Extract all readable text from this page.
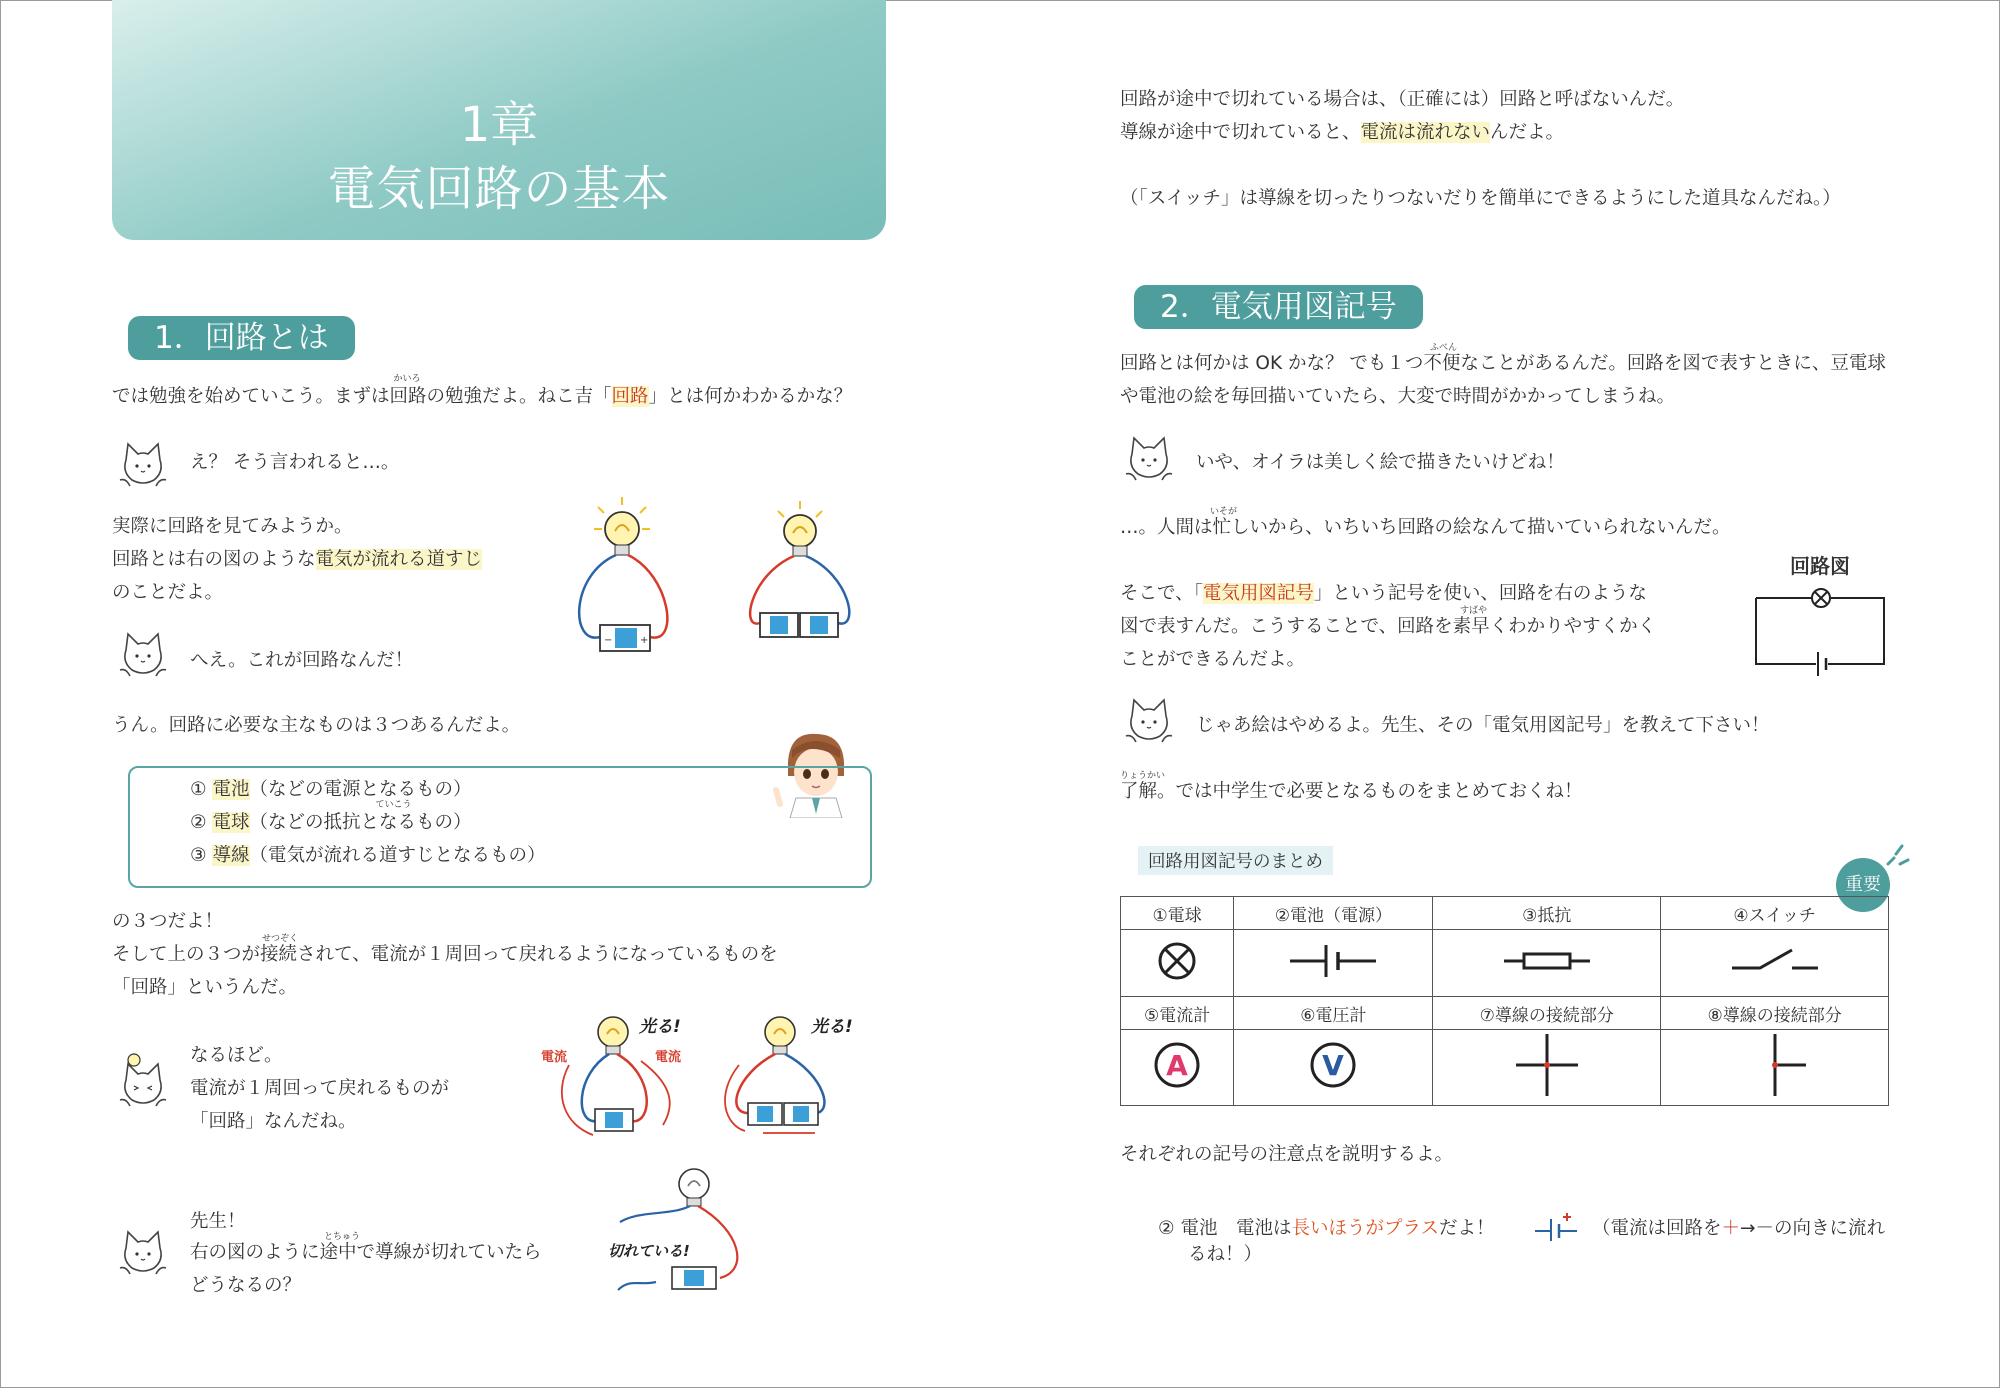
1章
電気回路の基本
1．回路とは
では勉強を始めていこう。まずは
かいろ
回路の勉強だよ。ねこ吉「回路」とは何かわかるかな？
え？ そう言われると…。
実際に回路を見てみようか。
回路とは右の図のような電気が流れる道すじ
のことだよ。
−	+
へえ。これが回路なんだ！
うん。回路に必要な主なものは３つあるんだよ。
① 電池（などの電源となるもの）
② 電球
ていこう
（などの抵抗となるもの）
③ 導線（電気が流れる道すじとなるもの）
の３つだよ！
せつぞく
そして上の３つが接続されて、電流が１周回って戻れるようになっているものを
「回路」というんだ。
なるほど。
電流が１周回って戻れるものが
「回路」なんだね。
光る!
電流	電流
光る!
先生！
とちゅう
右の図のように途中で導線が切れていたら
どうなるの？
切れている!
回路が途中で切れている場合は、（正確には）回路と呼ばないんだ。
導線が途中で切れていると、電流は流れないんだよ。
（「スイッチ」は導線を切ったりつないだりを簡単にできるようにした道具なんだね。）
2．電気用図記号
ふべん
回路とは何かは OK かな？ でも１つ不便なことがあるんだ。回路を図で表すときに、豆電球
や電池の絵を毎回描いていたら、大変で時間がかかってしまうね。
いや、オイラは美しく絵で描きたいけどね！
いそが
…。人間は忙しいから、いちいち回路の絵なんて描いていられないんだ。
そこで、「電気用図記号」という記号を使い、回路を右のような
すばや
図で表すんだ。こうすることで、回路を素早くわかりやすくかく
ことができるんだよ。
回路図
じゃあ絵はやめるよ。先生、その「電気用図記号」を教えて下さい！
りょうかい
了解。では中学生で必要となるものをまとめておくね！
回路用図記号のまとめ
重要
①電球	②電池（電源）	③抵抗	④スイッチ

⑤電流計	⑥電圧計	⑦導線の接続部分	⑧導線の接続部分

A	V

それぞれの記号の注意点を説明するよ。
② 電池　電池は長いほうがプラスだよ！	（電流は回路を＋→－の向きに流れ
るね！）
